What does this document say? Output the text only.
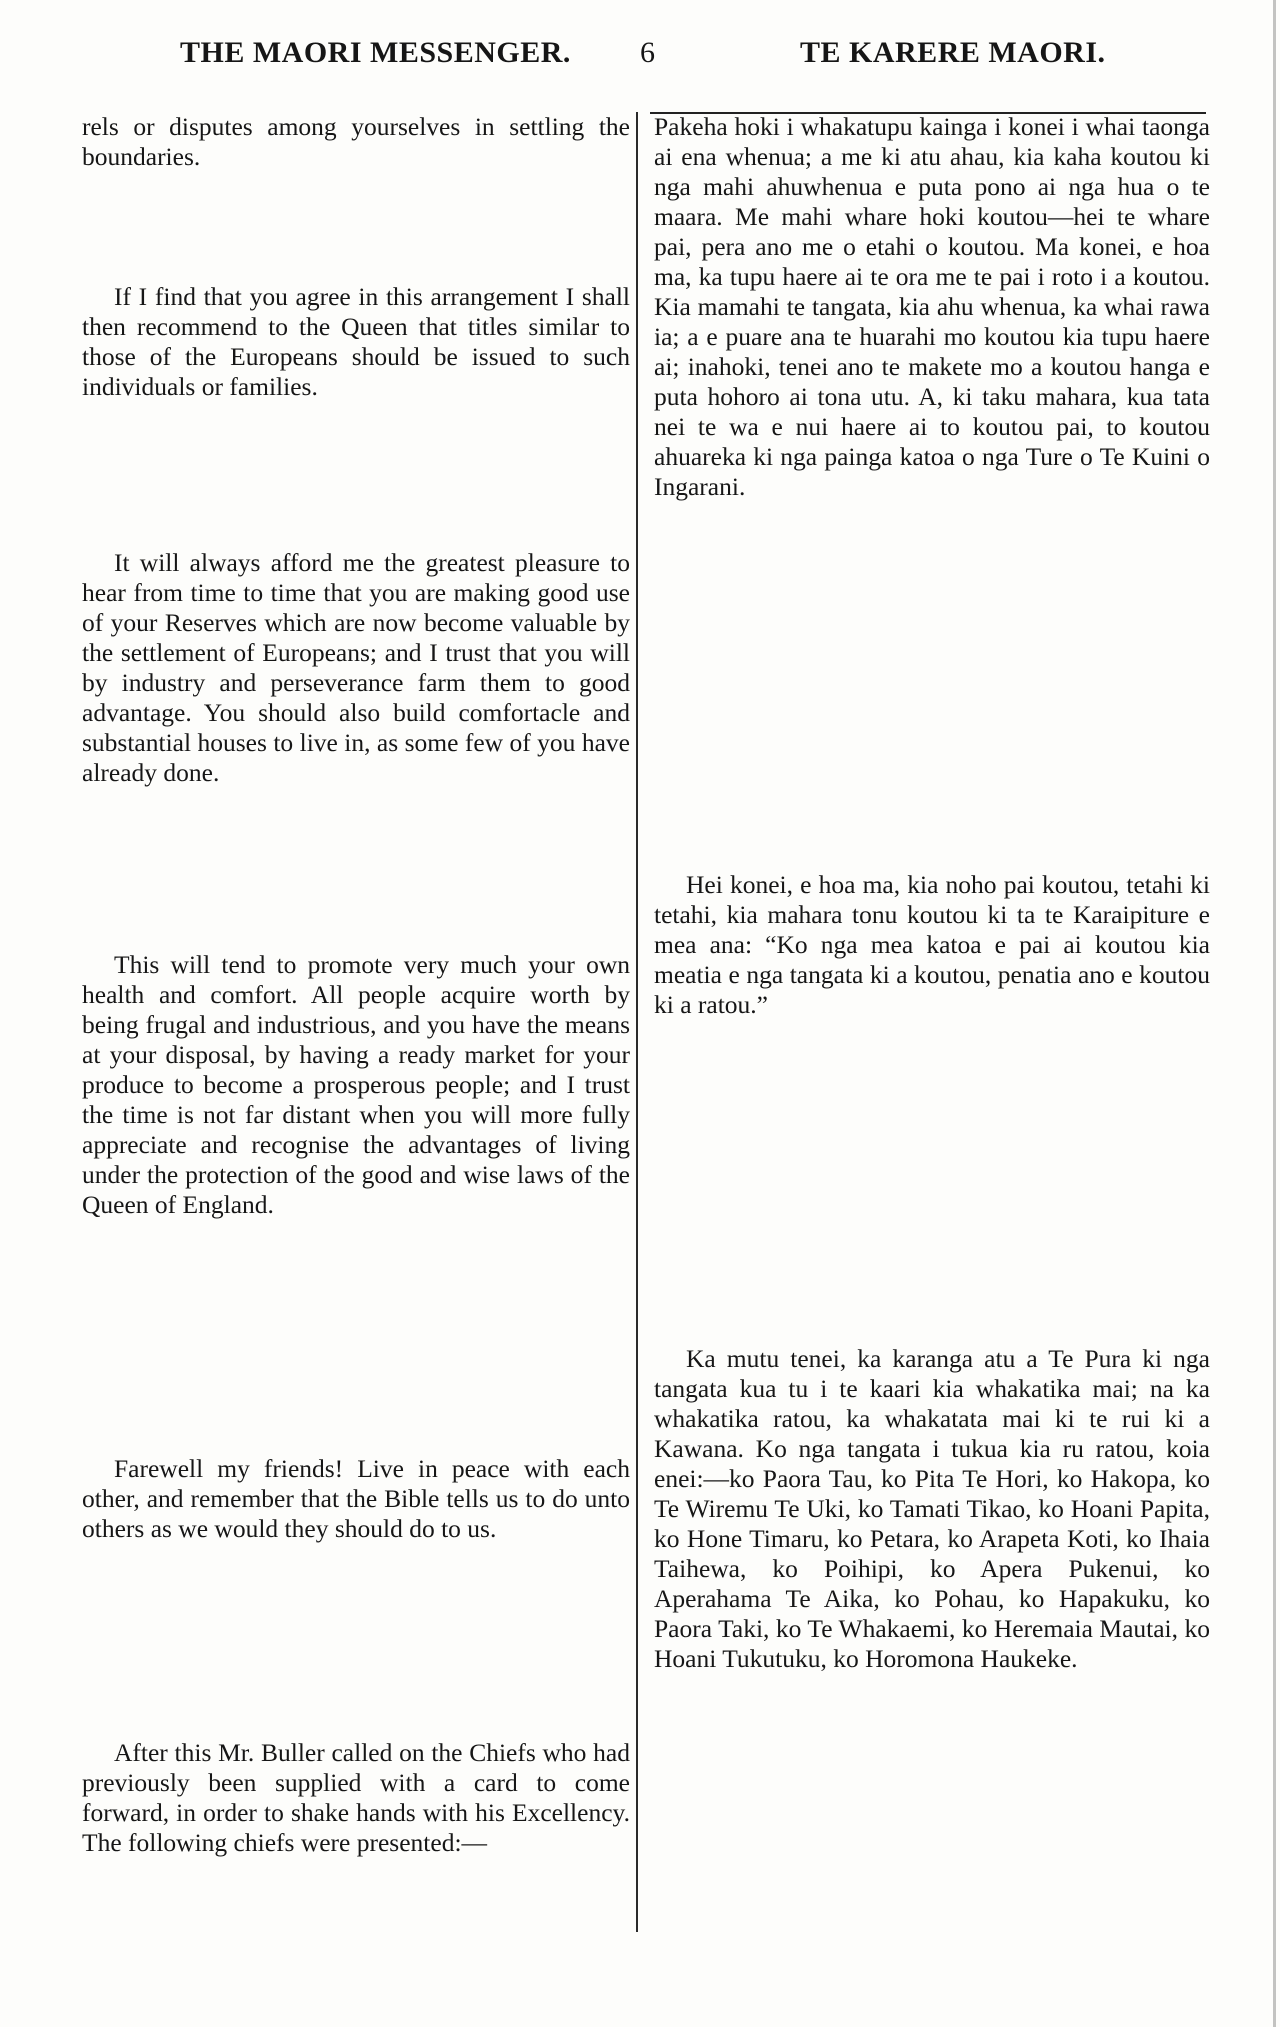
THE MAORI MESSENGER. 6	TE KARERE MAORI.

rels or disputes among yourselves in settling the boundaries.

If I find that you agree in this arrangement I shall then recommend to the Queen that titles similar to those of the Europeans should be issued to such individuals or families.

It will always afford me the greatest pleasure to hear from time to time that you are making good use of your Reserves which are now become valuable by the settlement of Europeans; and I trust that you will by industry and perseverance farm them to good advantage. You should also build comfortacle and substantial houses to live in, as some few of you have already done.

This will tend to promote very much your own health and comfort. All people acquire worth by being frugal and industrious, and you have the means at your disposal, by having a ready market for your produce to become a prosperous people; and I trust the time is not far distant when you will more fully appreciate and recognise the advantages of living under the protection of the good and wise laws of the Queen of England.

Farewell my friends! Live in peace with each other, and remember that the Bible tells us to do unto others as we would they should do to us.

After this Mr. Buller called on the Chiefs who had previously been supplied with a card to come forward, in order to shake hands with his Excellency. The following chiefs were presented:—

Pakeha hoki i whakatupu kainga i konei i whai taonga ai ena whenua; a me ki atu ahau, kia kaha koutou ki nga mahi ahuwhenua e puta pono ai nga hua o te maara. Me mahi whare hoki koutou—hei te whare pai, pera ano me o etahi o koutou. Ma konei, e hoa ma, ka tupu haere ai te ora me te pai i roto i a koutou. Kia mamahi te tangata, kia ahu whenua, ka whai rawa ia; a e puare ana te huarahi mo koutou kia tupu haere ai; inahoki, tenei ano te makete mo a koutou hanga e puta hohoro ai tona utu. A, ki taku mahara, kua tata nei te wa e nui haere ai to koutou pai, to koutou ahuareka ki nga painga katoa o nga Ture o Te Kuini o Ingarani.

Hei konei, e hoa ma, kia noho pai koutou, tetahi ki tetahi, kia mahara tonu koutou ki ta te Karaipiture e mea ana: “Ko nga mea katoa e pai ai koutou kia meatia e nga tangata ki a koutou, penatia ano e koutou ki a ratou.”

Ka mutu tenei, ka karanga atu a Te Pura ki nga tangata kua tu i te kaari kia whakatika mai; na ka whakatika ratou, ka whakatata mai ki te rui ki a Kawana. Ko nga tangata i tukua kia ru ratou, koia enei:—ko Paora Tau, ko Pita Te Hori, ko Hakopa, ko Te Wiremu Te Uki, ko Tamati Tikao, ko Hoani Papita, ko Hone Timaru, ko Petara, ko Arapeta Koti, ko Ihaia Taihewa, ko Poihipi, ko Apera Pukenui, ko Aperahama Te Aika, ko Pohau, ko Hapakuku, ko Paora Taki, ko Te Whakaemi, ko Heremaia Mautai, ko Hoani Tukutuku, ko Horomona Haukeke.
